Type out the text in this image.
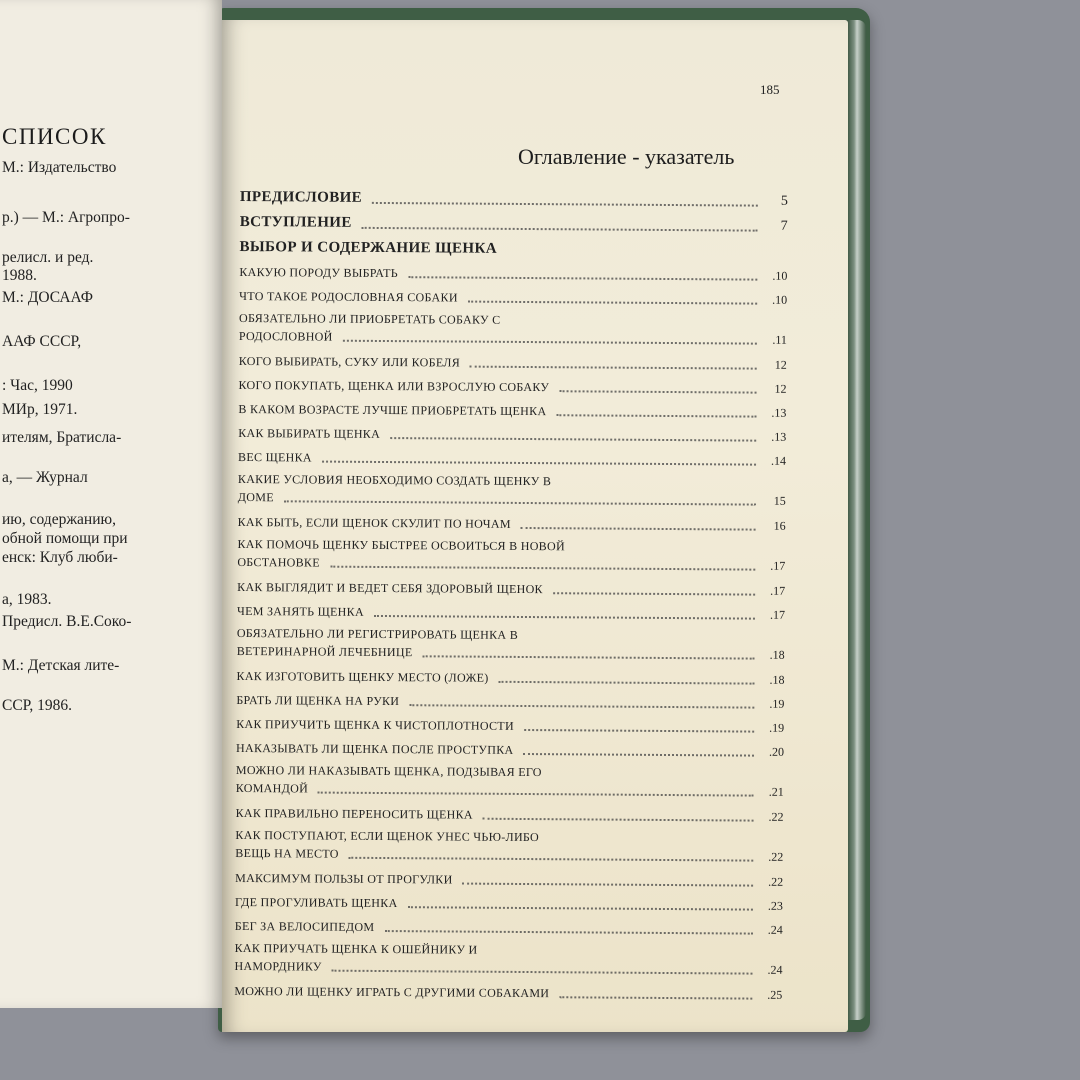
СПИСОК
М.: Издательство
р.) — М.: Агропро-
релисл. и ред.
1988.
М.: ДОСААФ
ААФ СССР,
: Час, 1990
МИр, 1971.
ителям, Братисла-
а, — Журнал
ию, содержанию,
обной помощи при
енск: Клуб люби-
а, 1983.
Предисл. В.Е.Соко-
М.: Детская лите-
ССР, 1986.
185
Оглавление - указатель
ПРЕДИСЛОВИЕ	5
ВСТУПЛЕНИЕ	7
ВЫБОР И СОДЕРЖАНИЕ ЩЕНКА
КАКУЮ ПОРОДУ ВЫБРАТЬ	.10
ЧТО ТАКОЕ РОДОСЛОВНАЯ СОБАКИ	.10
ОБЯЗАТЕЛЬНО ЛИ ПРИОБРЕТАТЬ СОБАКУ С
РОДОСЛОВНОЙ	.11
КОГО ВЫБИРАТЬ, СУКУ ИЛИ КОБЕЛЯ	12
КОГО ПОКУПАТЬ, ЩЕНКА ИЛИ ВЗРОСЛУЮ СОБАКУ	12
В КАКОМ ВОЗРАСТЕ ЛУЧШЕ ПРИОБРЕТАТЬ ЩЕНКА	.13
КАК ВЫБИРАТЬ ЩЕНКА	.13
ВЕС ЩЕНКА	.14
КАКИЕ УСЛОВИЯ НЕОБХОДИМО СОЗДАТЬ ЩЕНКУ В
ДОМЕ	15
КАК БЫТЬ, ЕСЛИ ЩЕНОК СКУЛИТ ПО НОЧАМ	16
КАК ПОМОЧЬ ЩЕНКУ БЫСТРЕЕ ОСВОИТЬСЯ В НОВОЙ
ОБСТАНОВКЕ	.17
КАК ВЫГЛЯДИТ И ВЕДЕТ СЕБЯ ЗДОРОВЫЙ ЩЕНОК	.17
ЧЕМ ЗАНЯТЬ ЩЕНКА	.17
ОБЯЗАТЕЛЬНО ЛИ РЕГИСТРИРОВАТЬ ЩЕНКА В
ВЕТЕРИНАРНОЙ ЛЕЧЕБНИЦЕ	.18
КАК ИЗГОТОВИТЬ ЩЕНКУ МЕСТО (ЛОЖЕ)	.18
БРАТЬ ЛИ ЩЕНКА НА РУКИ	.19
КАК ПРИУЧИТЬ ЩЕНКА К ЧИСТОПЛОТНОСТИ	.19
НАКАЗЫВАТЬ ЛИ ЩЕНКА ПОСЛЕ ПРОСТУПКА	.20
МОЖНО ЛИ НАКАЗЫВАТЬ ЩЕНКА, ПОДЗЫВАЯ ЕГО
КОМАНДОЙ	.21
КАК ПРАВИЛЬНО ПЕРЕНОСИТЬ ЩЕНКА	.22
КАК ПОСТУПАЮТ, ЕСЛИ ЩЕНОК УНЕС ЧЬЮ-ЛИБО
ВЕЩЬ НА МЕСТО	.22
МАКСИМУМ ПОЛЬЗЫ ОТ ПРОГУЛКИ	.22
ГДЕ ПРОГУЛИВАТЬ ЩЕНКА	.23
БЕГ ЗА ВЕЛОСИПЕДОМ	.24
КАК ПРИУЧАТЬ ЩЕНКА К ОШЕЙНИКУ И
НАМОРДНИКУ	.24
МОЖНО ЛИ ЩЕНКУ ИГРАТЬ С ДРУГИМИ СОБАКАМИ	.25
